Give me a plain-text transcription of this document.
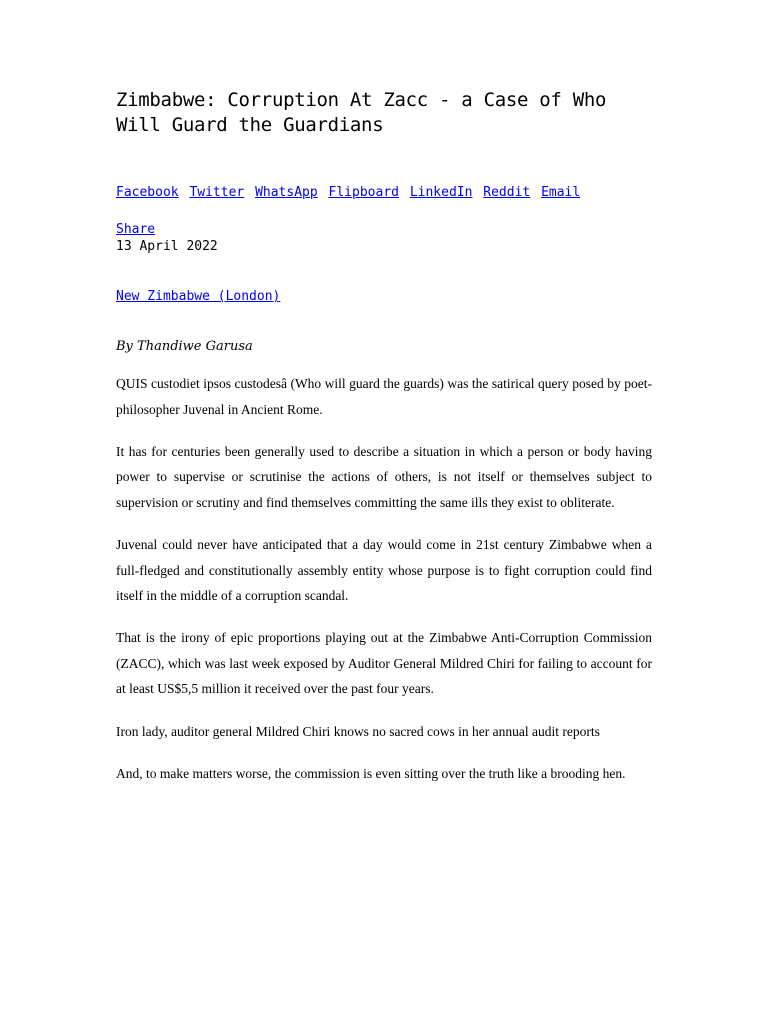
Zimbabwe: Corruption At Zacc - a Case of Who Will Guard the Guardians
Facebook Twitter WhatsApp Flipboard LinkedIn Reddit Email
Share
13 April 2022
New Zimbabwe (London)
By Thandiwe Garusa

QUIS custodiet ipsos custodesâ (Who will guard the guards) was the satirical query posed by poet-philosopher Juvenal in Ancient Rome.

It has for centuries been generally used to describe a situation in which a person or body having power to supervise or scrutinise the actions of others, is not itself or themselves subject to supervision or scrutiny and find themselves committing the same ills they exist to obliterate.

Juvenal could never have anticipated that a day would come in 21st century Zimbabwe when a full-fledged and constitutionally assembly entity whose purpose is to fight corruption could find itself in the middle of a corruption scandal.

That is the irony of epic proportions playing out at the Zimbabwe Anti-Corruption Commission (ZACC), which was last week exposed by Auditor General Mildred Chiri for failing to account for at least US$5,5 million it received over the past four years.

Iron lady, auditor general Mildred Chiri knows no sacred cows in her annual audit reports

And, to make matters worse, the commission is even sitting over the truth like a brooding hen.
